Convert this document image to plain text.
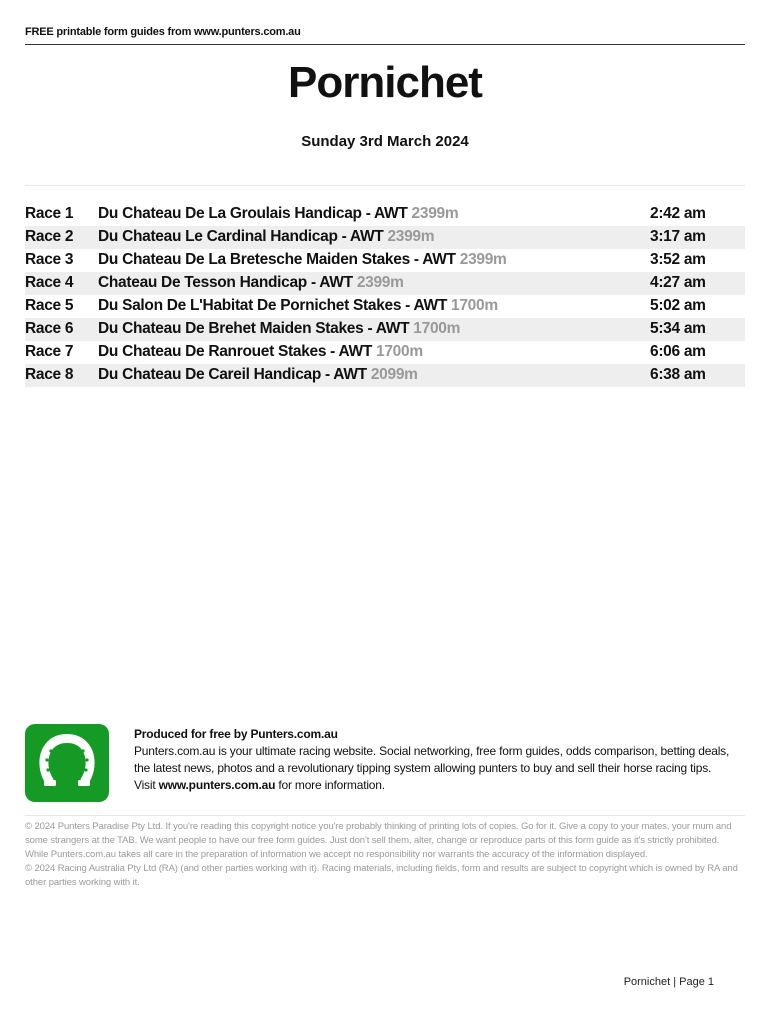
FREE printable form guides from www.punters.com.au
Pornichet
Sunday 3rd March 2024
Race 1 Du Chateau De La Groulais Handicap - AWT 2399m	2:42 am
Race 2 Du Chateau Le Cardinal Handicap - AWT 2399m	3:17 am
Race 3 Du Chateau De La Bretesche Maiden Stakes - AWT 2399m	3:52 am
Race 4 Chateau De Tesson Handicap - AWT 2399m	4:27 am
Race 5 Du Salon De L'Habitat De Pornichet Stakes - AWT 1700m	5:02 am
Race 6 Du Chateau De Brehet Maiden Stakes - AWT 1700m	5:34 am
Race 7 Du Chateau De Ranrouet Stakes - AWT 1700m	6:06 am
Race 8 Du Chateau De Careil Handicap - AWT 2099m	6:38 am
Produced for free by Punters.com.au
Punters.com.au is your ultimate racing website. Social networking, free form guides, odds comparison, betting deals, the latest news, photos and a revolutionary tipping system allowing punters to buy and sell their horse racing tips.
Visit www.punters.com.au for more information.
© 2024 Punters Paradise Pty Ltd. If you're reading this copyright notice you're probably thinking of printing lots of copies. Go for it. Give a copy to your mates, your mum and some strangers at the TAB. We want people to have our free form guides. Just don't sell them, alter, change or reproduce parts of this form guide as it's strictly prohibited.
While Punters.com.au takes all care in the preparation of information we accept no responsibility nor warrants the accuracy of the information displayed.
© 2024 Racing Australia Pty Ltd (RA) (and other parties working with it). Racing materials, including fields, form and results are subject to copyright which is owned by RA and other parties working with it.
Pornichet | Page 1
